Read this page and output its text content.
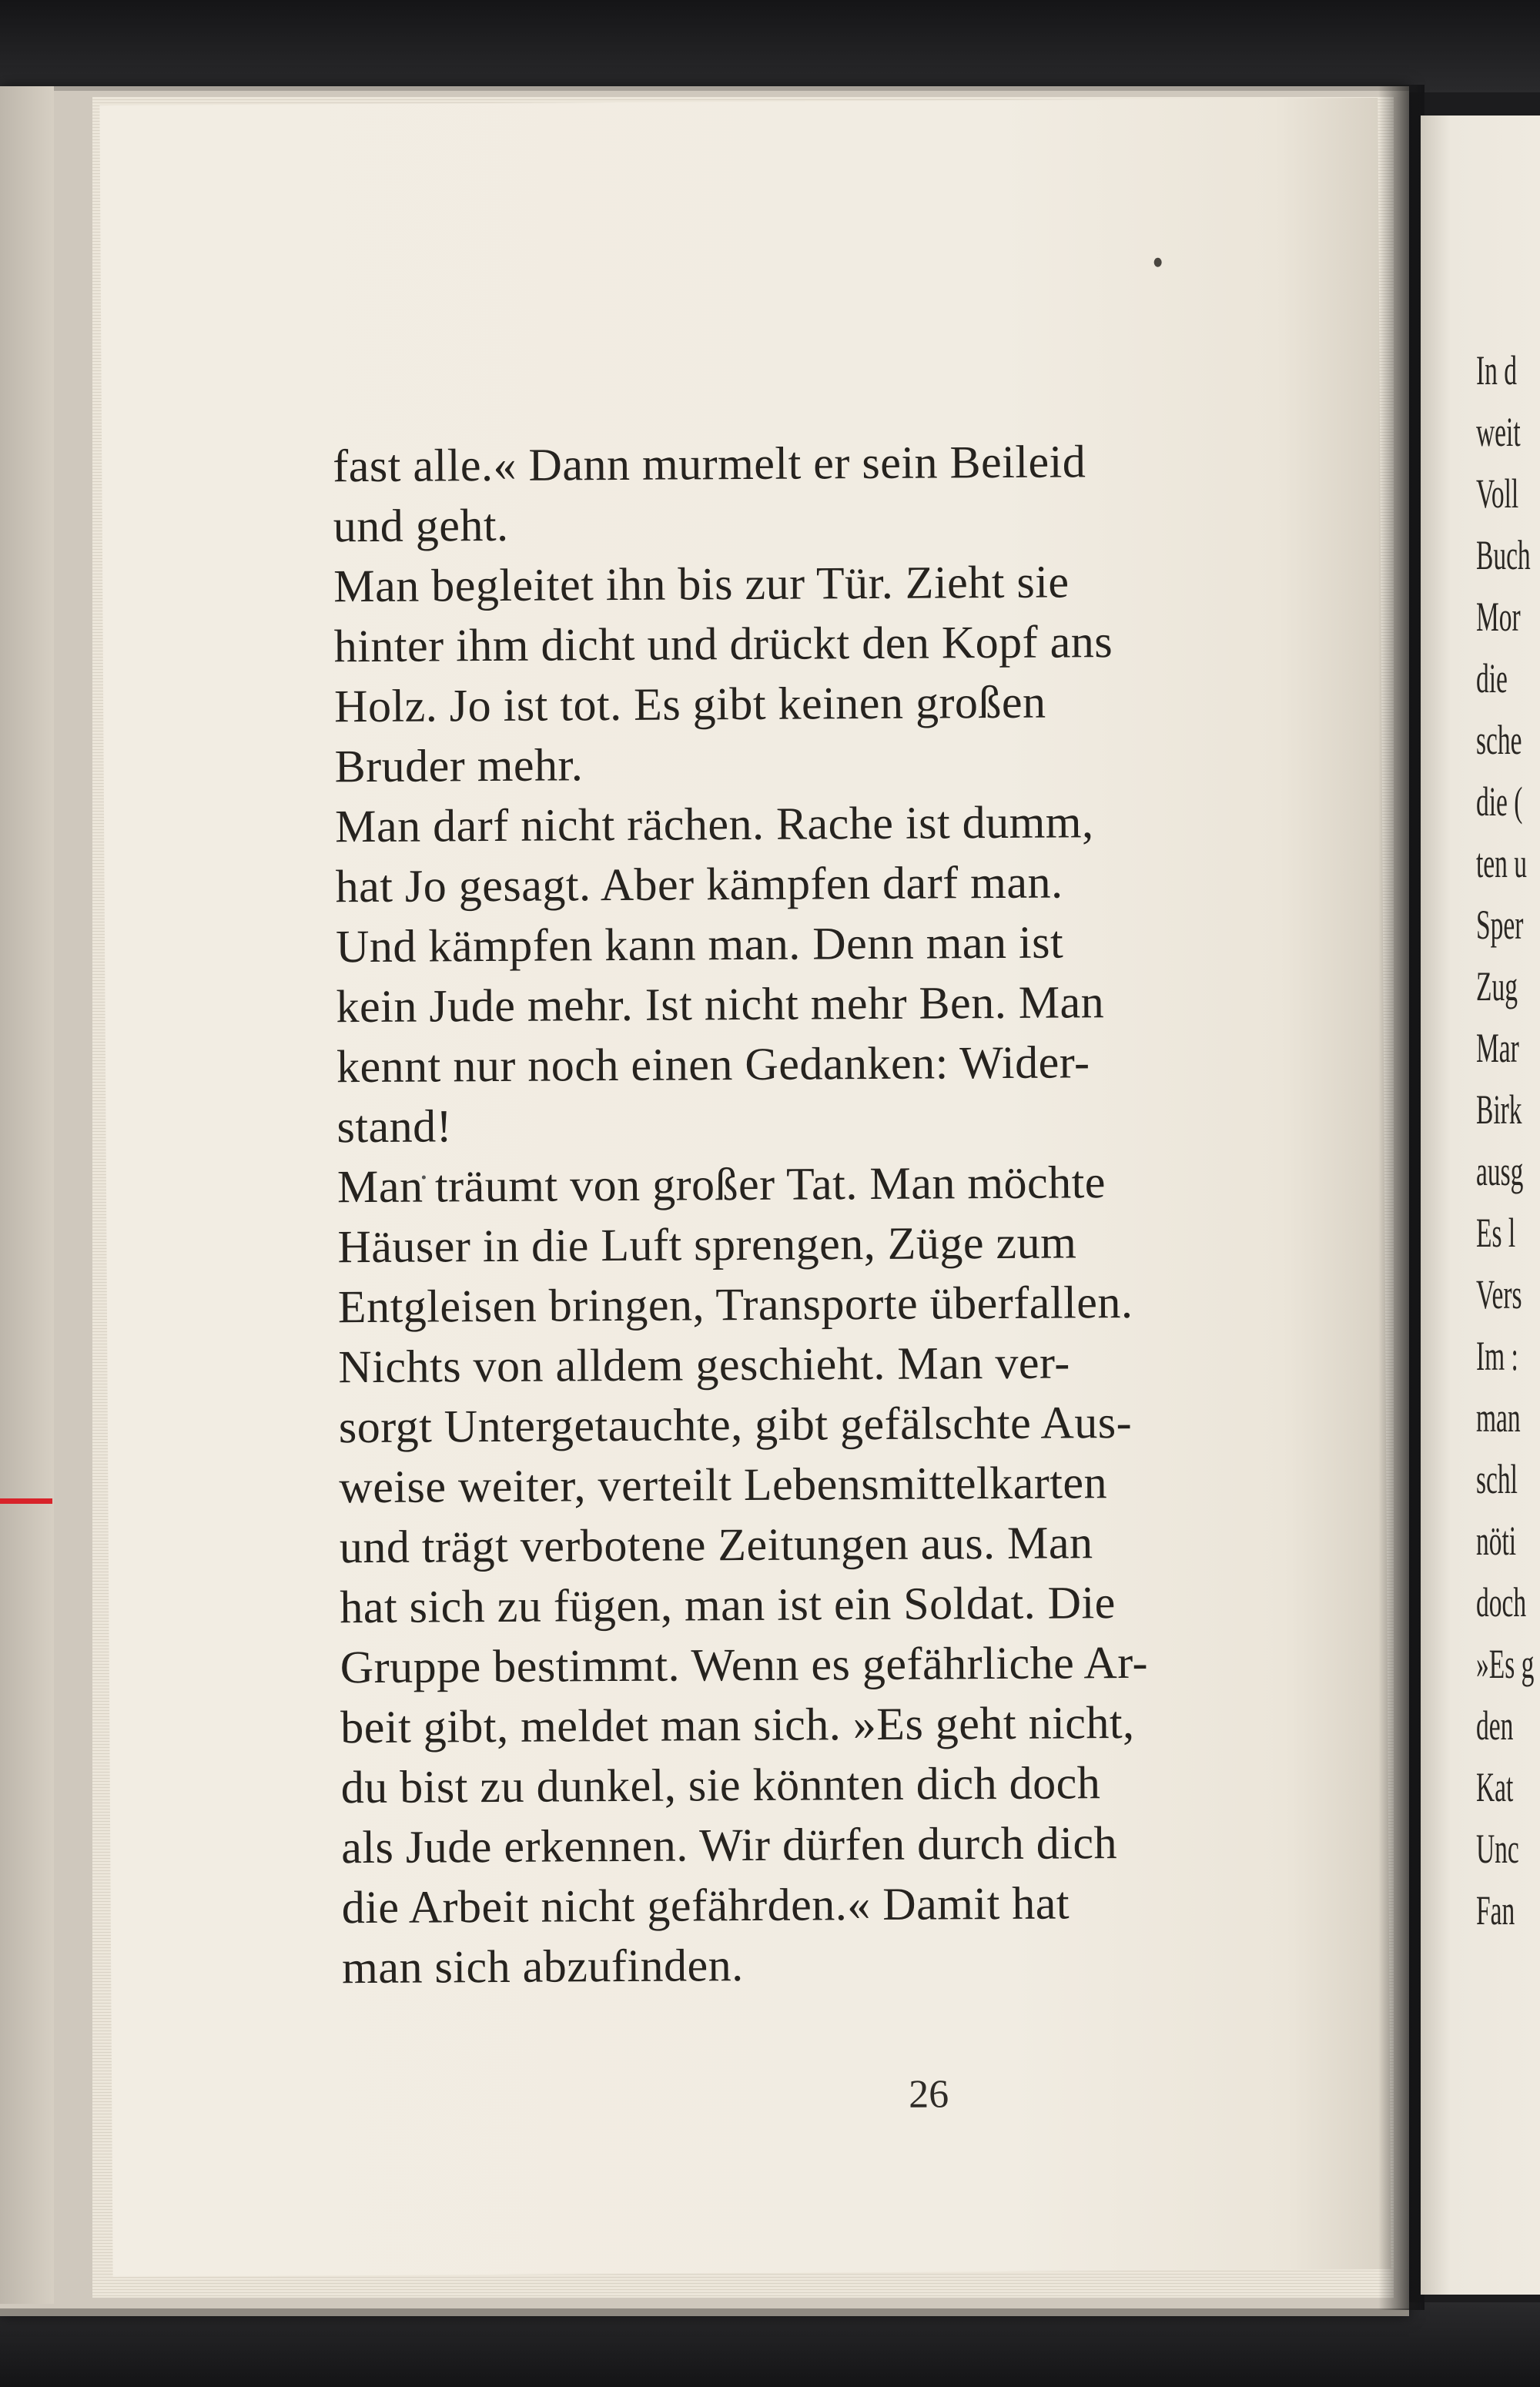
fast alle.« Dann murmelt er sein Beileid
und geht.
Man begleitet ihn bis zur Tür. Zieht sie
hinter ihm dicht und drückt den Kopf ans
Holz. Jo ist tot. Es gibt keinen großen
Bruder mehr.
Man darf nicht rächen. Rache ist dumm,
hat Jo gesagt. Aber kämpfen darf man.
Und kämpfen kann man. Denn man ist
kein Jude mehr. Ist nicht mehr Ben. Man
kennt nur noch einen Gedanken: Wider-
stand!
Man träumt von großer Tat. Man möchte
Häuser in die Luft sprengen, Züge zum
Entgleisen bringen, Transporte überfallen.
Nichts von alldem geschieht. Man ver-
sorgt Untergetauchte, gibt gefälschte Aus-
weise weiter, verteilt Lebensmittelkarten
und trägt verbotene Zeitungen aus. Man
hat sich zu fügen, man ist ein Soldat. Die
Gruppe bestimmt. Wenn es gefährliche Ar-
beit gibt, meldet man sich. »Es geht nicht,
du bist zu dunkel, sie könnten dich doch
als Jude erkennen. Wir dürfen durch dich
die Arbeit nicht gefährden.« Damit hat
man sich abzufinden.
26
In d
weit
Voll
Buch
Mor
die
sche
die (
ten u
Sper
Zug
Mar
Birk
ausg
Es l
Vers
Im :
man
schl
nöti
doch
»Es g
den
Kat
Unc
Fan
